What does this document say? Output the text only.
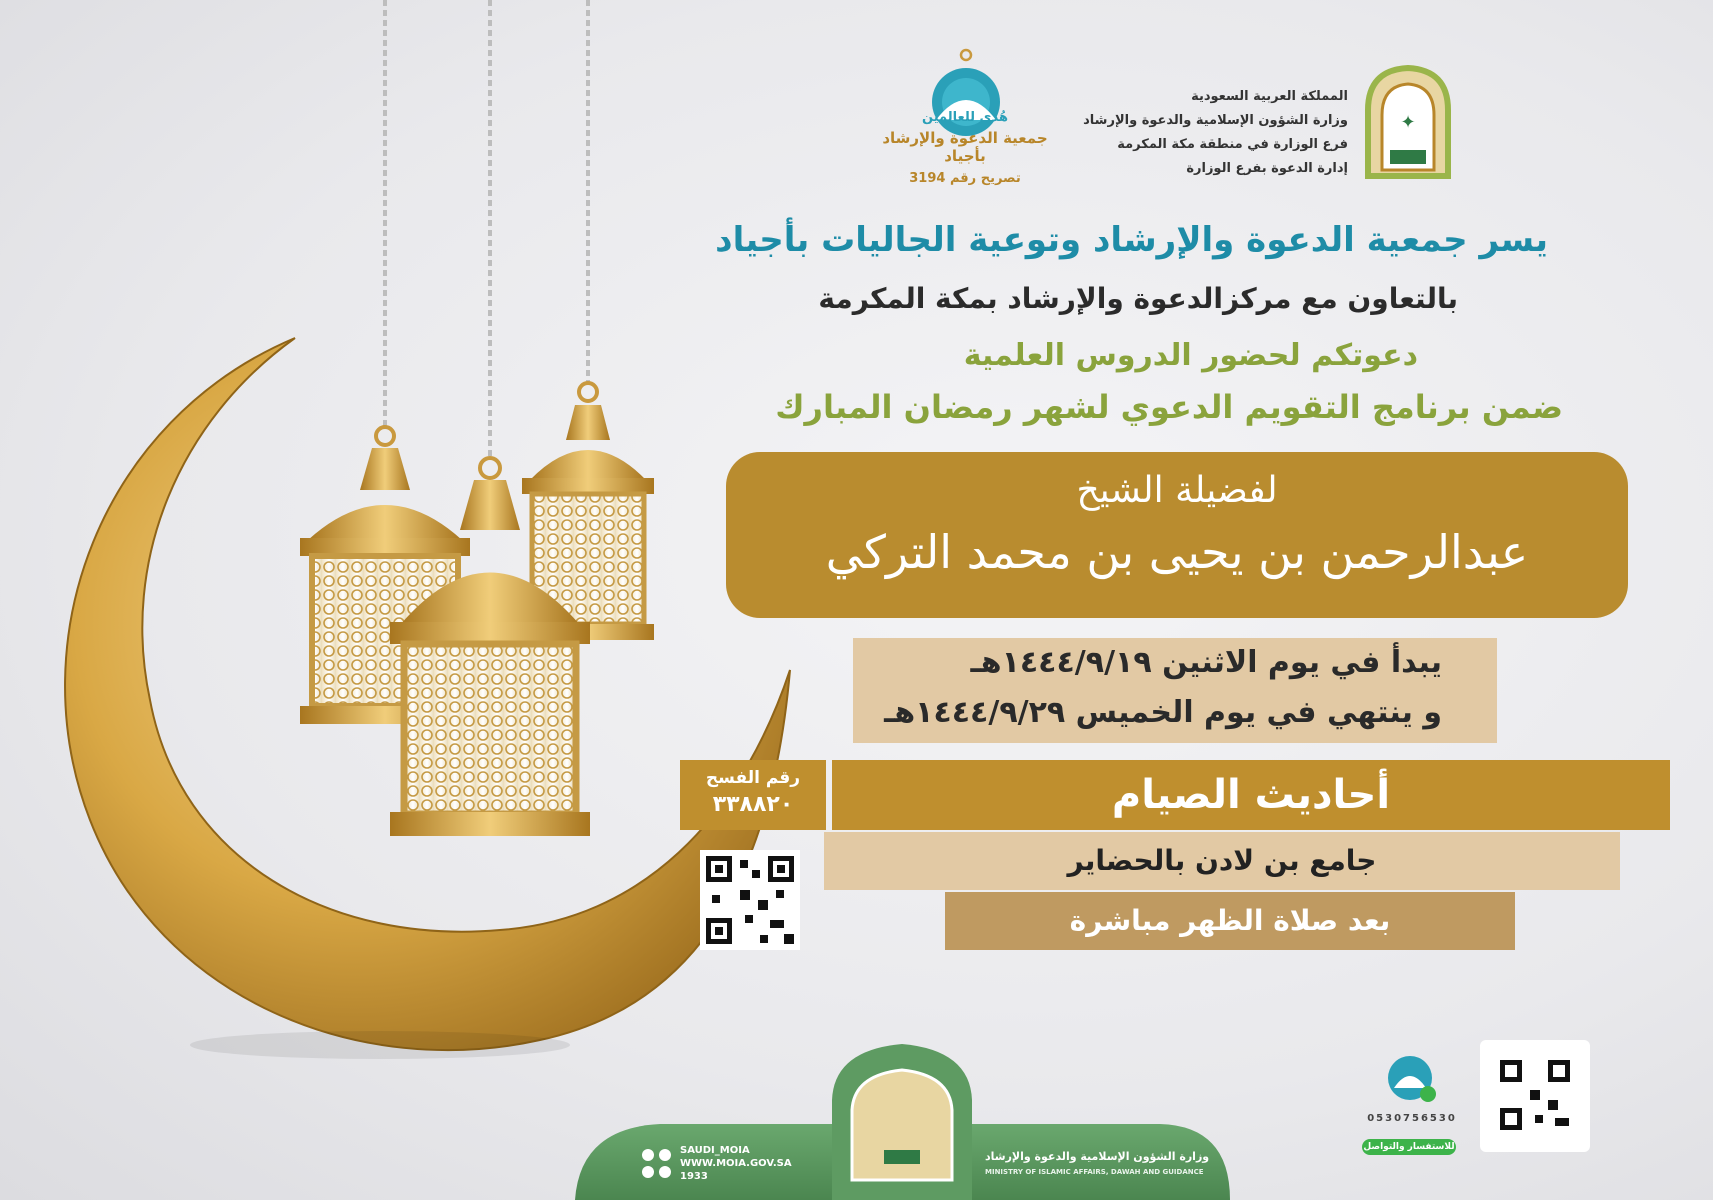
✦
المملكة العربية السعودية
وزارة الشؤون الإسلامية والدعوة والإرشاد
فرع الوزارة في منطقة مكة المكرمة
إدارة الدعوة بفرع الوزارة
هُدى للعالمين
جمعية الدعوة والإرشاد بأجياد
تصريح رقم 3194
يسر جمعية الدعوة والإرشاد وتوعية الجاليات بأجياد
بالتعاون مع مركزالدعوة والإرشاد بمكة المكرمة
دعوتكم لحضور الدروس العلمية
ضمن برنامج التقويم الدعوي لشهر رمضان المبارك
لفضيلة الشيخ
عبدالرحمن بن يحيى بن محمد التركي
يبدأ في يوم الاثنين ١٤٤٤/٩/١٩هـ
و ينتهي في يوم الخميس ١٤٤٤/٩/٢٩هـ
رقم الفسح
٣٣٨٨٢٠	أحاديث الصيام
جامع بن لادن بالحضاير
بعد صلاة الظهر مباشرة
0530756530
للاستفسار والتواصل
وزارة الشؤون الإسلامية والدعوة والإرشاد
MINISTRY OF ISLAMIC AFFAIRS, DAWAH AND GUIDANCE
SAUDI_MOIA
WWW.MOIA.GOV.SA
1933
